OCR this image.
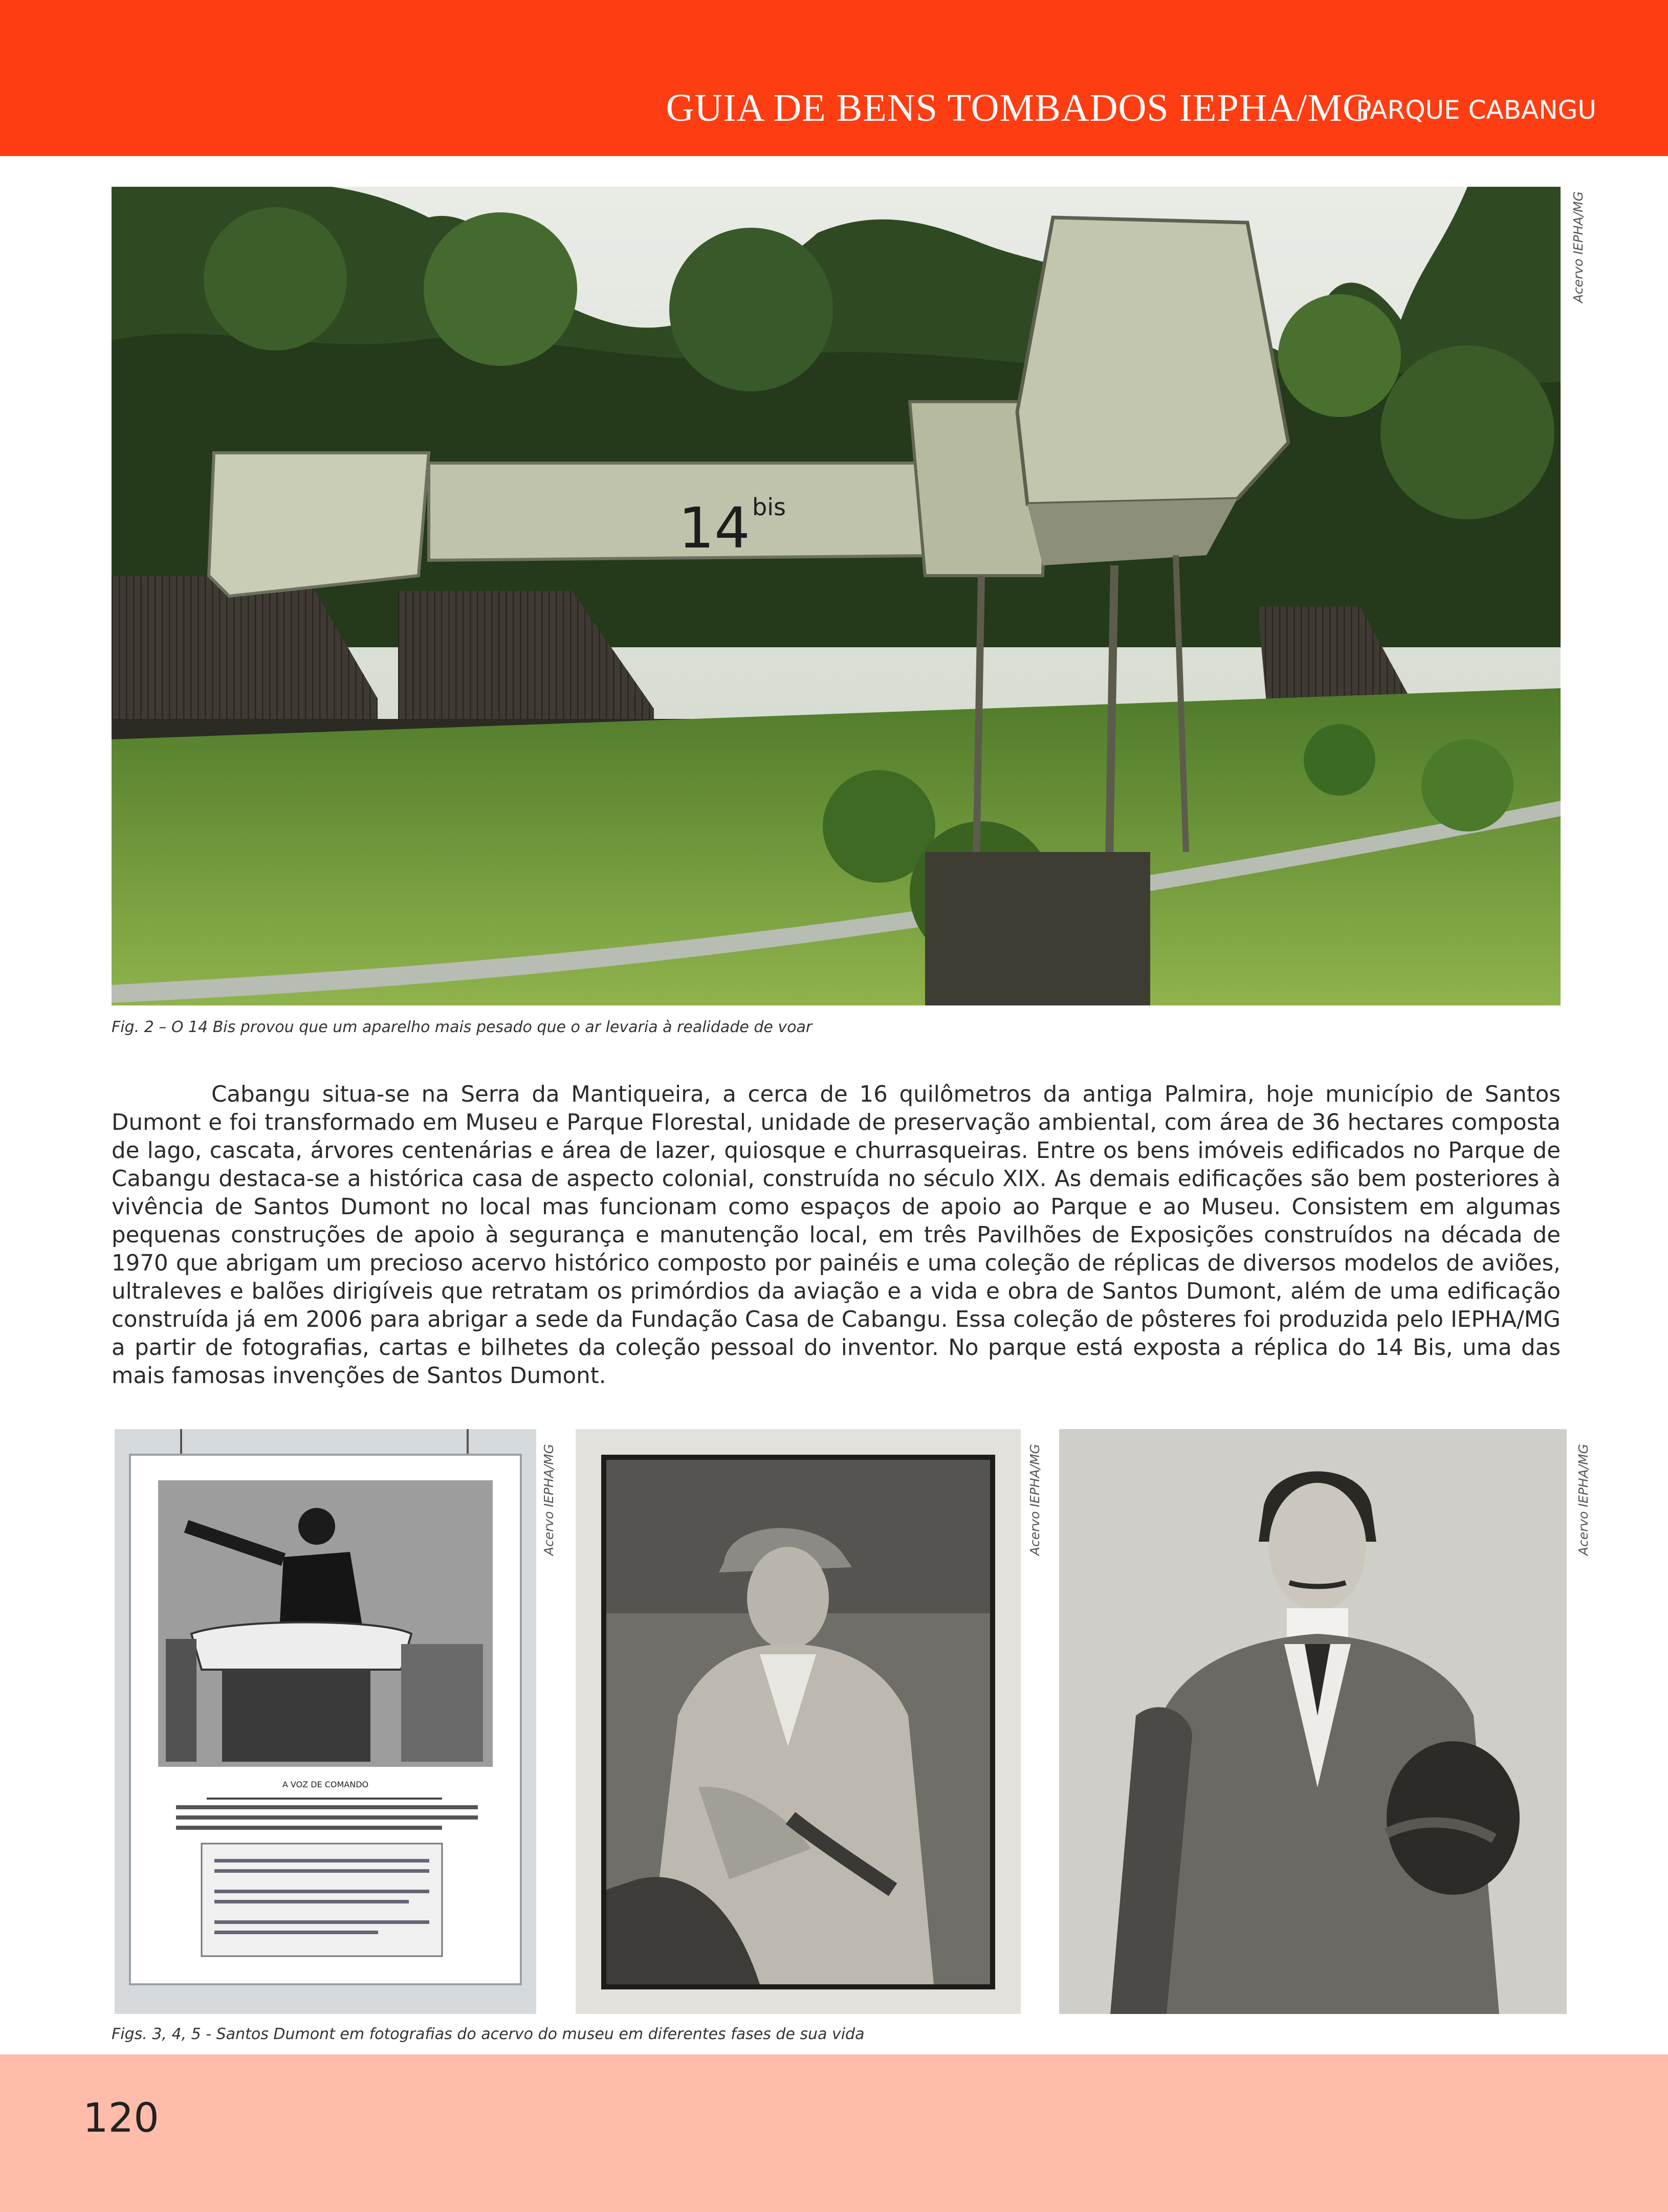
GUIA DE BENS TOMBADOS IEPHA/MG
PARQUE CABANGU
14 bis
Acervo IEPHA/MG
Fig. 2 – O 14 Bis provou que um aparelho mais pesado que o ar levaria à realidade de voar

Cabangu situa-se na Serra da Mantiqueira, a cerca de 16 quilômetros da antiga Palmira, hoje município de Santos Dumont e foi transformado em Museu e Parque Florestal, unidade de preservação ambiental, com área de 36 hectares composta de lago, cascata, árvores centenárias e área de lazer, quiosque e churrasqueiras. Entre os bens imóveis edificados no Parque de Cabangu destaca-se a histórica casa de aspecto colonial, construída no século XIX. As demais edificações são bem posteriores à vivência de Santos Dumont no local mas funcionam como espaços de apoio ao Parque e ao Museu. Consistem em algumas pequenas construções de apoio à segurança e manutenção local, em três Pavilhões de Exposições construídos na década de 1970 que abrigam um precioso acervo histórico composto por painéis e uma coleção de réplicas de diversos modelos de aviões, ultraleves e balões dirigíveis que retratam os primórdios da aviação e a vida e obra de Santos Dumont, além de uma edificação construída já em 2006 para abrigar a sede da Fundação Casa de Cabangu. Essa coleção de pôsteres foi produzida pelo IEPHA/MG a partir de fotografias, cartas e bilhetes da coleção pessoal do inventor. No parque está exposta a réplica do 14 Bis, uma das mais famosas invenções de Santos Dumont.

A VOZ DE COMANDO
Acervo IEPHA/MG	Acervo IEPHA/MG	Acervo IEPHA/MG
Figs. 3, 4, 5 - Santos Dumont em fotografias do acervo do museu em diferentes fases de sua vida
120
